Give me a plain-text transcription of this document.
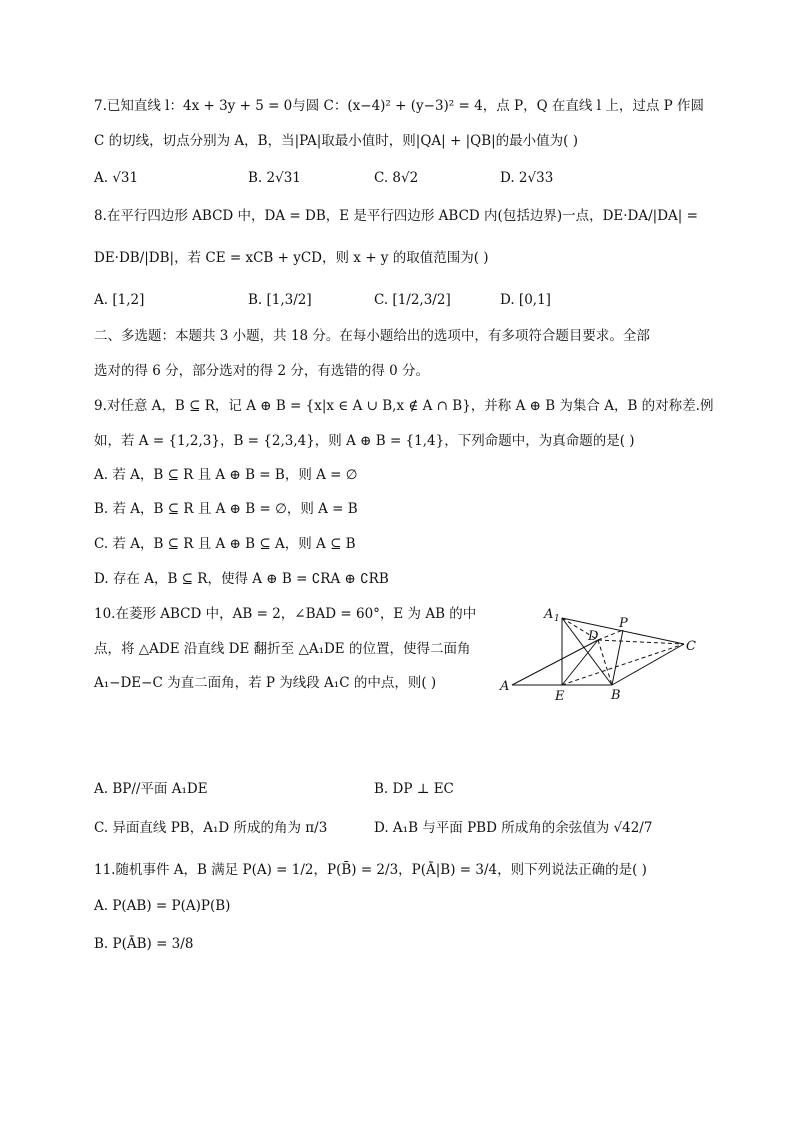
7.已知直线 l：4x + 3y + 5 = 0与圆 C：(x−4)² + (y−3)² = 4，点 P，Q 在直线 l 上，过点 P 作圆
C 的切线，切点分别为 A，B，当|PA|取最小值时，则|QA| + |QB|的最小值为( )
A. √31	B. 2√31	C. 8√2	D. 2√33
8.在平行四边形 ABCD 中，DA = DB，E 是平行四边形 ABCD 内(包括边界)一点，DE·DA/|DA| =
DE·DB/|DB|，若 CE = xCB + yCD，则 x + y 的取值范围为( )
A. [1,2]	B. [1,3/2]	C. [1/2,3/2]	D. [0,1]
二、多选题：本题共 3 小题，共 18 分。在每小题给出的选项中，有多项符合题目要求。全部
选对的得 6 分，部分选对的得 2 分，有选错的得 0 分。
9.对任意 A，B ⊆ R，记 A ⊕ B = {x|x ∈ A ∪ B,x ∉ A ∩ B}，并称 A ⊕ B 为集合 A，B 的对称差.例
如，若 A = {1,2,3}，B = {2,3,4}，则 A ⊕ B = {1,4}，下列命题中，为真命题的是( )
A. 若 A，B ⊆ R 且 A ⊕ B = B，则 A = ∅
B. 若 A，B ⊆ R 且 A ⊕ B = ∅，则 A = B
C. 若 A，B ⊆ R 且 A ⊕ B ⊆ A，则 A ⊆ B
D. 存在 A，B ⊆ R，使得 A ⊕ B = ∁RA ⊕ ∁RB
10.在菱形 ABCD 中，AB = 2，∠BAD = 60°，E 为 AB 的中
点，将 △ADE 沿直线 DE 翻折至 △A₁DE 的位置，使得二面角
A₁−DE−C 为直二面角，若 P 为线段 A₁C 的中点，则( )
A 1	P
D
C
A
E	B
A. BP//平面 A₁DE	B. DP ⊥ EC
C. 异面直线 PB，A₁D 所成的角为 π/3	D. A₁B 与平面 PBD 所成角的余弦值为 √42/7
11.随机事件 A，B 满足 P(A) = 1/2，P(B̄) = 2/3，P(Ā|B) = 3/4，则下列说法正确的是( )
A. P(AB) = P(A)P(B)
B. P(ĀB) = 3/8
